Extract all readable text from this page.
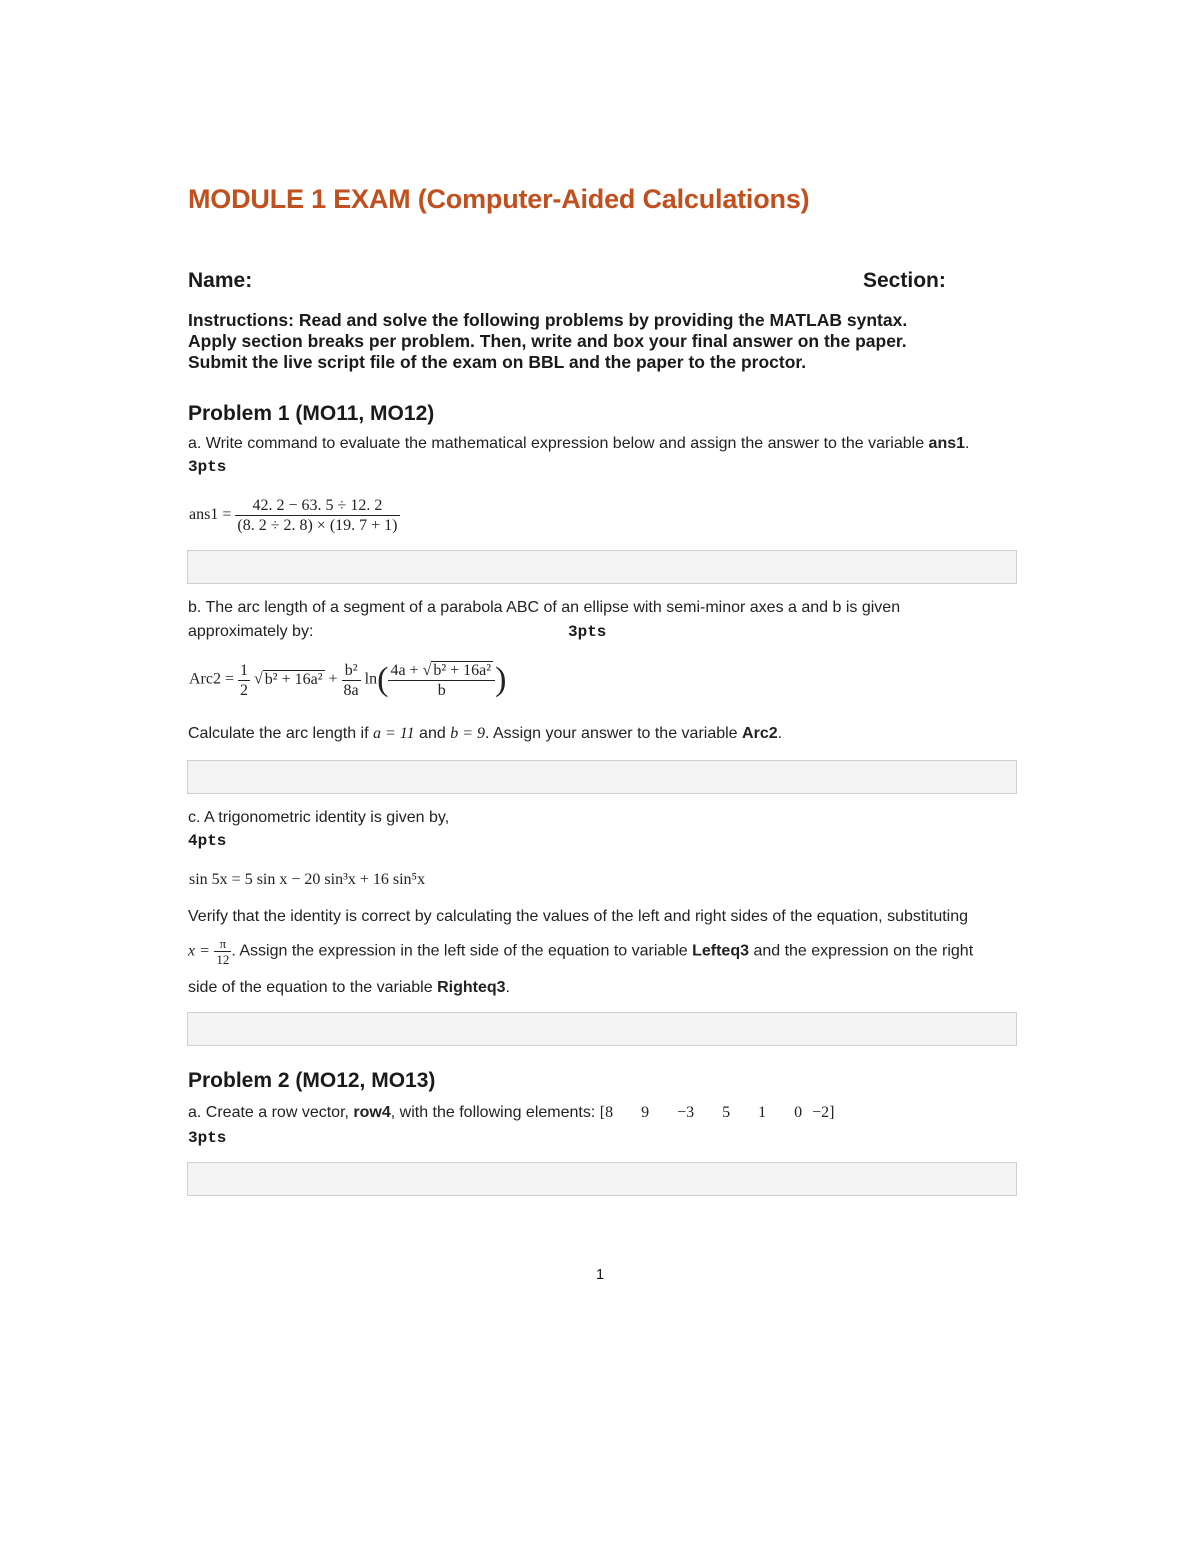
MODULE 1 EXAM (Computer-Aided Calculations)
Name:	Section:
Instructions: Read and solve the following problems by providing the MATLAB syntax.
Apply section breaks per problem. Then, write and box your final answer on the paper.
Submit the live script file of the exam on BBL and the paper to the proctor.
Problem 1 (MO11, MO12)
a. Write command to evaluate the mathematical expression below and assign the answer to the variable ans1.
3pts
$ans1 = \frac{42. 2 - 63. 5 \div 12. 2}{(8. 2 \div 2. 8) \times (19. 7 + 1)}$
b. The arc length of a segment of a parabola ABC of an ellipse with semi-minor axes a and b is given
approximately by:	3pts
$Arc2 = \frac{1}{2}$ √ $b^2 + 16a^2 + \frac{\text{b²}}{8a} \ln( \frac{\text{4a + √ b² + 16a²}}{b}$ )
Calculate the arc length if a = 11 and b = 9. Assign your answer to the variable Arc2.
c. A trigonometric identity is given by,
4pts
sin 5x = 5 sin x − 20 sin³x + 16 sin⁵x
Verify that the identity is correct by calculating the values of the left and right sides of the equation, substituting
$x = \frac{\pi}{12}$ . Assign the expression in the left side of the equation to variable Lefteq3 and the expression on the right
side of the equation to the variable Righteq3.
Problem 2 (MO12, MO13)
a. Create a row vector, row4, with the following elements: [8 9 −3 5 1 0 −2]
3pts
1
